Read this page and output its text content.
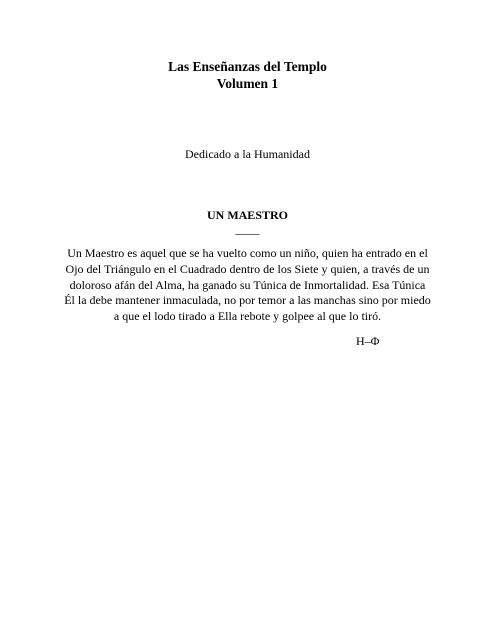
Las Enseñanzas del Templo
Volumen 1
Dedicado a la Humanidad
UN MAESTRO
____
Un Maestro es aquel que se ha vuelto como un niño, quien ha entrado en el
Ojo del Triángulo en el Cuadrado dentro de los Siete y quien, a través de un
doloroso afán del Alma, ha ganado su Túnica de Inmortalidad. Esa Túnica
Él la debe mantener inmaculada, no por temor a las manchas sino por miedo
a que el lodo tirado a Ella rebote y golpee al que lo tiró.
H–Φ
